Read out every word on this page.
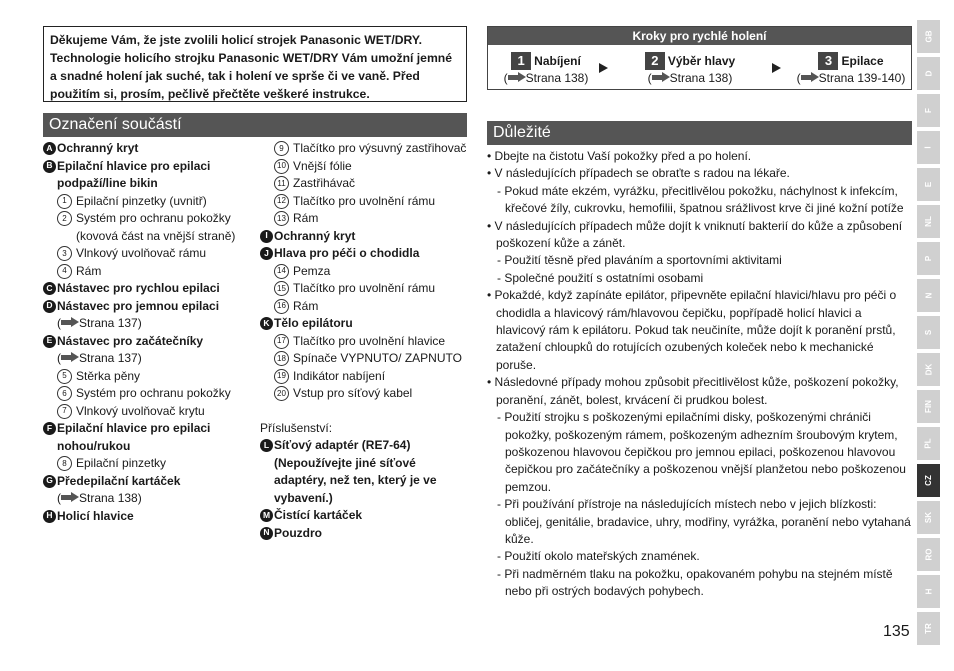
Děkujeme Vám, že jste zvolili holicí strojek Panasonic WET/DRY. Technologie holicího strojku Panasonic WET/DRY Vám umožní jemné a snadné holení jak suché, tak i holení ve sprše či ve vaně. Před použitím si, prosím, pečlivě přečtěte veškeré instrukce.
Označení součástí
A Ochranný kryt
B Epilační hlavice pro epilaci podpaží/line bikin
1 Epilační pinzetky (uvnitř)
2 Systém pro ochranu pokožky (kovová část na vnější straně)
3 Vlnkový uvolňovač rámu
4 Rám
C Nástavec pro rychlou epilaci
D Nástavec pro jemnou epilaci
( Strana 137)
E Nástavec pro začátečníky
( Strana 137)
5 Stěrka pěny
6 Systém pro ochranu pokožky
7 Vlnkový uvolňovač krytu
F Epilační hlavice pro epilaci nohou/rukou
8 Epilační pinzetky
G Předepilační kartáček
( Strana 138)
H Holicí hlavice
9 Tlačítko pro výsuvný zastřihovač
10 Vnější fólie
11 Zastřihávač
12 Tlačítko pro uvolnění rámu
13 Rám
I Ochranný kryt
J Hlava pro péči o chodidla
14 Pemza
15 Tlačítko pro uvolnění rámu
16 Rám
K Tělo epilátoru
17 Tlačítko pro uvolnění hlavice
18 Spínače VYPNUTO/ ZAPNUTO
19 Indikátor nabíjení
20 Vstup pro síťový kabel
Příslušenství:
L Síťový adaptér (RE7-64) (Nepoužívejte jiné síťové adaptéry, než ten, který je ve vybavení.)
M Čistící kartáček
N Pouzdro
Kroky pro rychlé holení
1 Nabíjení
( Strana 138)
2 Výběr hlavy
( Strana 138)
3 Epilace
( Strana 139-140)
Důležité

• Dbejte na čistotu Vaší pokožky před a po holení.

• V následujících případech se obraťte s radou na lékaře.

- Pokud máte ekzém, vyrážku, přecitlivělou pokožku, náchylnost k infekcím, křečové žíly, cukrovku, hemofilii, špatnou srážlivost krve či jiné kožní potíže

• V následujících případech může dojít k vniknutí bakterií do kůže a způsobení poškození kůže a zánět.

- Použití těsně před plaváním a sportovními aktivitami

- Společné použití s ostatními osobami

• Pokaždé, když zapínáte epilátor, připevněte epilační hlavici/hlavu pro péči o chodidla a hlavicový rám/hlavovou čepičku, popřípadě holicí hlavici a hlavicový rám k epilátoru. Pokud tak neučiníte, může dojít k poranění prstů, zatažení chloupků do rotujících ozubených koleček nebo k mechanické poruše.

• Následovné případy mohou způsobit přecitlivělost kůže, poškození pokožky, poranění, zánět, bolest, krvácení či prudkou bolest.

- Použití strojku s poškozenými epilačními disky, poškozenými chrániči pokožky, poškozeným rámem, poškozeným adhezním šroubovým krytem, poškozenou hlavovou čepičkou pro jemnou epilaci, poškozenou hlavovou čepičkou pro začátečníky a poškozenou vnější planžetou nebo poškozenou pemzou.

- Při používání přístroje na následujících místech nebo v jejich blízkosti: obličej, genitálie, bradavice, uhry, modřiny, vyrážka, poranění nebo vytahaná kůže.

- Použití okolo mateřských znamének.

- Při nadměrném tlaku na pokožku, opakovaném pohybu na stejném místě nebo při ostrých bodavých pohybech.

GB
D
F
I
E
NL
P
N
S
DK
FIN
PL
CZ
SK
RO
H
TR
135
